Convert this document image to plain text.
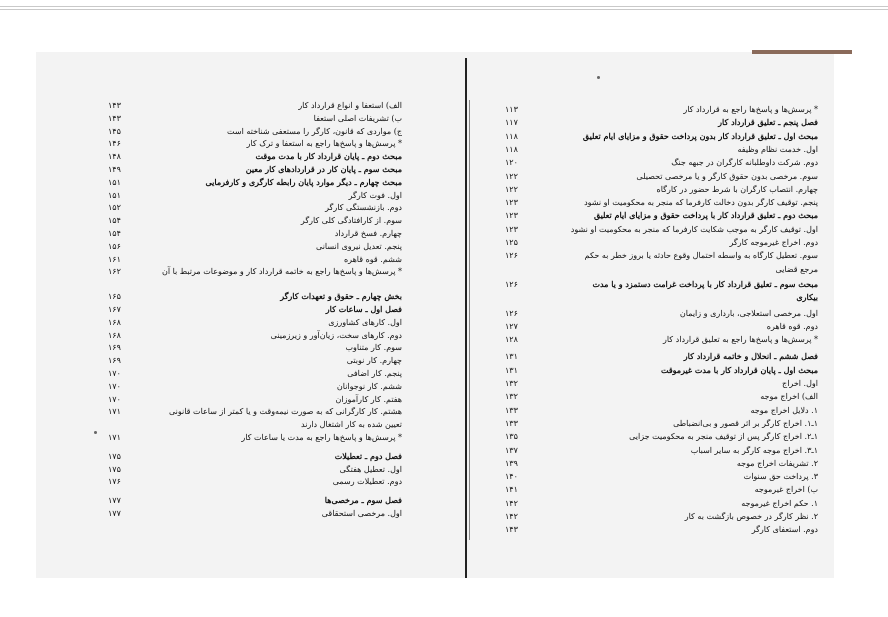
۱۴۳	الف) استعفا و انواع قرارداد کار
۱۴۳	ب) تشریفات اصلی استعفا
۱۴۵	ج) مواردی که قانون، کارگر را مستعفی شناخته است
۱۴۶	* پرسش‌ها و پاسخ‌ها راجع به استعفا و ترک کار
۱۴۸	مبحث دوم ـ پایان قرارداد کار با مدت موقت
۱۴۹	مبحث سوم ـ پایان کار در قراردادهای کار معین
۱۵۱	مبحث چهارم ـ دیگر موارد پایان رابطه کارگری و کارفرمایی
۱۵۱	اول. فوت کارگر
۱۵۲	دوم. بازنشستگی کارگر
۱۵۴	سوم. از کارافتادگی کلی کارگر
۱۵۴	چهارم. فسخ قرارداد
۱۵۶	پنجم. تعدیل نیروی انسانی
۱۶۱	ششم. قوه قاهره
۱۶۲	* پرسش‌ها و پاسخ‌ها راجع به خاتمه قرارداد کار و موضوعات مرتبط با آن
۱۶۵	بخش چهارم ـ حقوق و تعهدات کارگر
۱۶۷	فصل اول ـ ساعات کار
۱۶۸	اول. کارهای کشاورزی
۱۶۸	دوم. کارهای سخت، زیان‌آور و زیرزمینی
۱۶۹	سوم. کار متناوب
۱۶۹	چهارم. کار نوبتی
۱۷۰	پنجم. کار اضافی
۱۷۰	ششم. کار نوجوانان
۱۷۰	هفتم. کار کارآموزان
۱۷۱	هشتم. کار کارگرانی که به صورت نیمه‌وقت و یا کمتر از ساعات قانونی
تعیین شده به کار اشتغال دارند
۱۷۱	* پرسش‌ها و پاسخ‌ها راجع به مدت یا ساعات کار
۱۷۵	فصل دوم ـ تعطیلات
۱۷۵	اول. تعطیل هفتگی
۱۷۶	دوم. تعطیلات رسمی
۱۷۷	فصل سوم ـ مرخصی‌ها
۱۷۷	اول. مرخصی استحقاقی
۱۱۳	* پرسش‌ها و پاسخ‌ها راجع به قرارداد کار
۱۱۷	فصل پنجم ـ تعلیق قرارداد کار
۱۱۸	مبحث اول ـ تعلیق قرارداد کار بدون پرداخت حقوق و مزایای ایام تعلیق
۱۱۸	اول. خدمت نظام وظیفه
۱۲۰	دوم. شرکت داوطلبانه کارگران در جبهه جنگ
۱۲۲	سوم. مرخصی بدون حقوق کارگر و یا مرخصی تحصیلی
۱۲۲	چهارم. انتصاب کارگران با شرط حضور در کارگاه
۱۲۳	پنجم. توقیف کارگر بدون دخالت کارفرما که منجر به محکومیت او نشود
۱۲۳	مبحث دوم ـ تعلیق قرارداد کار با پرداخت حقوق و مزایای ایام تعلیق
۱۲۳	اول. توقیف کارگر به موجب شکایت کارفرما که منجر به محکومیت او نشود
۱۲۵	دوم. اخراج غیرموجه کارگر
۱۲۶	سوم. تعطیل کارگاه به واسطه احتمال وقوع حادثه یا بروز خطر به حکم
مرجع قضایی
۱۲۶	مبحث سوم ـ تعلیق قرارداد کار با پرداخت غرامت دستمزد و یا مدت
بیکاری
۱۲۶	اول. مرخصی استعلاجی، بارداری و زایمان
۱۲۷	دوم. قوه قاهره
۱۲۸	* پرسش‌ها و پاسخ‌ها راجع به تعلیق قرارداد کار
۱۳۱	فصل ششم ـ انحلال و خاتمه قرارداد کار
۱۳۱	مبحث اول ـ پایان قرارداد کار با مدت غیرموقت
۱۳۲	اول. اخراج
۱۳۲	الف) اخراج موجه
۱۳۳	۱. دلایل اخراج موجه
۱۳۳	۱ـ۱. اخراج کارگر بر اثر قصور و بی‌انضباطی
۱۳۵	۱ـ۲. اخراج کارگر پس از توقیف منجر به محکومیت جزایی
۱۳۷	۱ـ۳. اخراج موجه کارگر به سایر اسباب
۱۳۹	۲. تشریفات اخراج موجه
۱۴۰	۳. پرداخت حق سنوات
۱۴۱	ب) اخراج غیرموجه
۱۴۲	۱. حکم اخراج غیرموجه
۱۴۲	۲. نظر کارگر در خصوص بازگشت به کار
۱۴۳	دوم. استعفای کارگر
